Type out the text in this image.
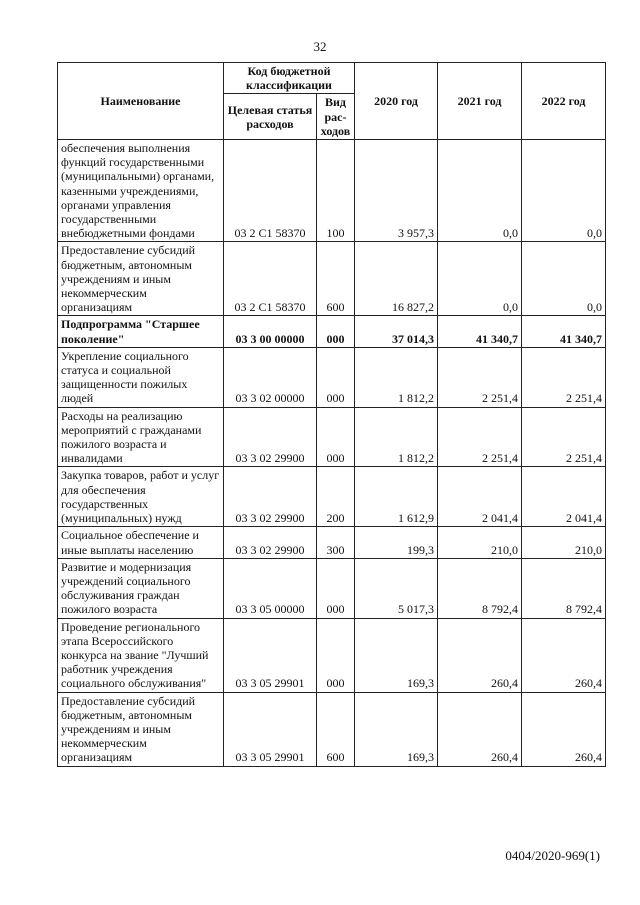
32
Наименование	Код бюджетной классификации		2020 год	2021 год	2022 год
	Целевая статья расходов	Вид рас-ходов			
обеспечения выполнения функций государственными (муниципальными) органами, казенными учреждениями, органами управления государственными внебюджетными фондами	03 2 С1 58370	100	3 957,3	0,0	0,0
Предоставление субсидий бюджетным, автономным учреждениям и иным некоммерческим организациям	03 2 С1 58370	600	16 827,2	0,0	0,0
Подпрограмма "Старшее поколение"	03 3 00 00000	000	37 014,3	41 340,7	41 340,7
Укрепление социального статуса и социальной защищенности пожилых людей	03 3 02 00000	000	1 812,2	2 251,4	2 251,4
Расходы на реализацию мероприятий с гражданами пожилого возраста и инвалидами	03 3 02 29900	000	1 812,2	2 251,4	2 251,4
Закупка товаров, работ и услуг для обеспечения государственных (муниципальных) нужд	03 3 02 29900	200	1 612,9	2 041,4	2 041,4
Социальное обеспечение и иные выплаты населению	03 3 02 29900	300	199,3	210,0	210,0
Развитие и модернизация учреждений социального обслуживания граждан пожилого возраста	03 3 05 00000	000	5 017,3	8 792,4	8 792,4
Проведение регионального этапа Всероссийского конкурса на звание "Лучший работник учреждения социального обслуживания"	03 3 05 29901	000	169,3	260,4	260,4
Предоставление субсидий бюджетным, автономным учреждениям и иным некоммерческим организациям	03 3 05 29901	600	169,3	260,4	260,4
0404/2020-969(1)
